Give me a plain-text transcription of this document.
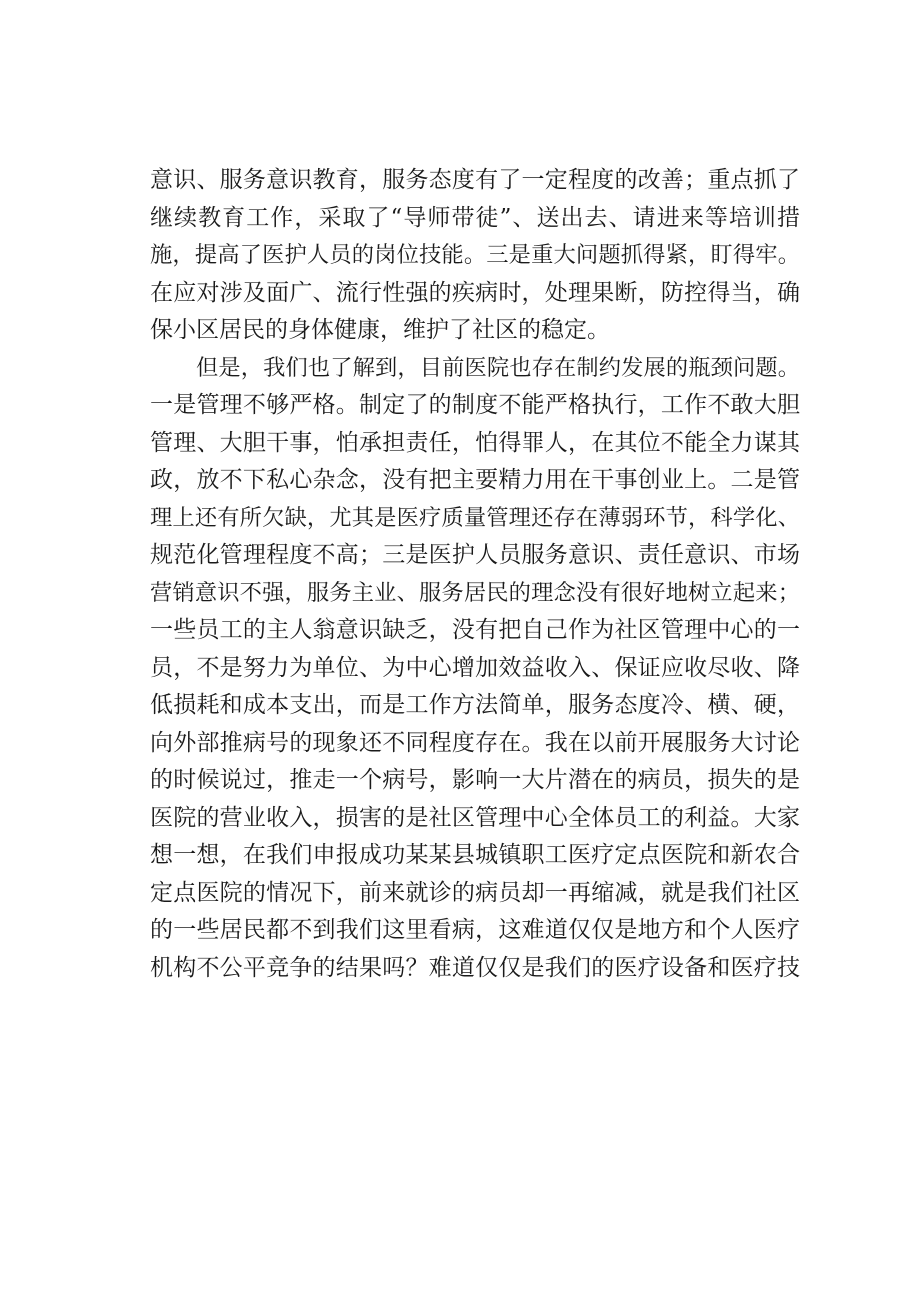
意识、服务意识教育，服务态度有了一定程度的改善；重点抓了
继续教育工作，采取了“导师带徒”、送出去、请进来等培训措
施，提高了医护人员的岗位技能。三是重大问题抓得紧，盯得牢。
在应对涉及面广、流行性强的疾病时，处理果断，防控得当，确
保小区居民的身体健康，维护了社区的稳定。
但是，我们也了解到，目前医院也存在制约发展的瓶颈问题。
一是管理不够严格。制定了的制度不能严格执行，工作不敢大胆
管理、大胆干事，怕承担责任，怕得罪人，在其位不能全力谋其
政，放不下私心杂念，没有把主要精力用在干事创业上。二是管
理上还有所欠缺，尤其是医疗质量管理还存在薄弱环节，科学化、
规范化管理程度不高；三是医护人员服务意识、责任意识、市场
营销意识不强，服务主业、服务居民的理念没有很好地树立起来；
一些员工的主人翁意识缺乏，没有把自己作为社区管理中心的一
员，不是努力为单位、为中心增加效益收入、保证应收尽收、降
低损耗和成本支出，而是工作方法简单，服务态度冷、横、硬，
向外部推病号的现象还不同程度存在。我在以前开展服务大讨论
的时候说过，推走一个病号，影响一大片潜在的病员，损失的是
医院的营业收入，损害的是社区管理中心全体员工的利益。大家
想一想，在我们申报成功某某县城镇职工医疗定点医院和新农合
定点医院的情况下，前来就诊的病员却一再缩减，就是我们社区
的一些居民都不到我们这里看病，这难道仅仅是地方和个人医疗
机构不公平竞争的结果吗？难道仅仅是我们的医疗设备和医疗技
